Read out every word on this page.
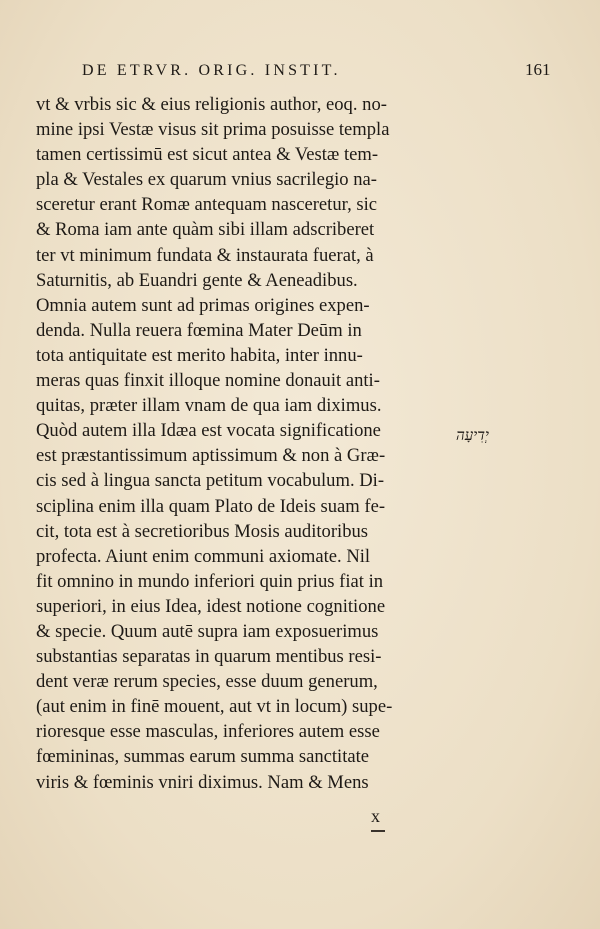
DE ETRVR. ORIG. INSTIT.	161
vt & vrbis sic & eius religionis author, eoq. no-
mine ipsi Vestæ visus sit prima posuisse templa
tamen certissimū est sicut antea & Vestæ tem-
pla & Vestales ex quarum vnius sacrilegio na-
sceretur erant Romæ antequam nasceretur, sic
& Roma iam ante quàm sibi illam adscriberet
ter vt minimum fundata & instaurata fuerat, à
Saturnitis, ab Euandri gente & Aeneadibus.
Omnia autem sunt ad primas origines expen-
denda. Nulla reuera fœmina Mater Deūm in
tota antiquitate est merito habita, inter innu-
meras quas finxit illoque nomine donauit anti-
quitas, præter illam vnam de qua iam diximus.
Quòd autem illa Idæa est vocata significatione
est præstantissimum aptissimum & non à Græ-
cis sed à lingua sancta petitum vocabulum. Di-
sciplina enim illa quam Plato de Ideis suam fe-
cit, tota est à secretioribus Mosis auditoribus
profecta. Aiunt enim communi axiomate. Nil
fit omnino in mundo inferiori quin prius fiat in
superiori, in eius Idea, idest notione cognitione
& specie. Quum autē supra iam exposuerimus
substantias separatas in quarum mentibus resi-
dent veræ rerum species, esse duum generum,
(aut enim in finē mouent, aut vt in locum) supe-
rioresque esse masculas, inferiores autem esse
fœmininas, summas earum summa sanctitate
viris & fœminis vniri diximus. Nam & Mens
יְדִיעָה
x
